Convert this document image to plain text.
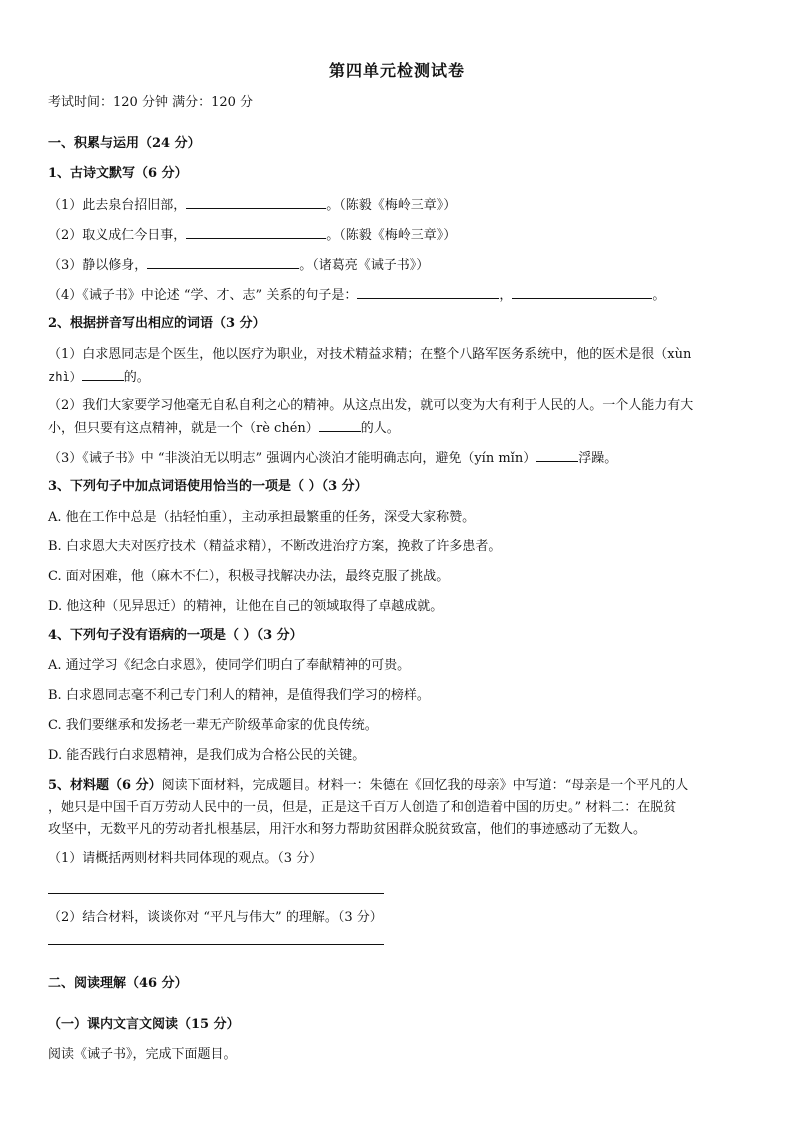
第四单元检测试卷
考试时间：120 分钟 满分：120 分
一、积累与运用（24 分）
1、古诗文默写（6 分）
（1）此去泉台招旧部，	。（陈毅《梅岭三章》）
（2）取义成仁今日事，	。（陈毅《梅岭三章》）
（3）静以修身，	。（诸葛亮《诫子书》）
（4）《诫子书》中论述 “学、才、志” 关系的句子是：	，	。
2、根据拼音写出相应的词语（3 分）
（1）白求恩同志是个医生，他以医疗为职业，对技术精益求精；在整个八路军医务系统中，他的医术是很（xùn
zhì）	的。
（2）我们大家要学习他毫无自私自利之心的精神。从这点出发，就可以变为大有利于人民的人。一个人能力有大
小，但只要有这点精神，就是一个（rè chén）	的人。
（3）《诫子书》中 “非淡泊无以明志” 强调内心淡泊才能明确志向，避免（yín mǐn）	浮躁。
3、下列句子中加点词语使用恰当的一项是（ ）（3 分）
A. 他在工作中总是（拈轻怕重），主动承担最繁重的任务，深受大家称赞。
B. 白求恩大夫对医疗技术（精益求精），不断改进治疗方案，挽救了许多患者。
C. 面对困难，他（麻木不仁），积极寻找解决办法，最终克服了挑战。
D. 他这种（见异思迁）的精神，让他在自己的领域取得了卓越成就。
4、下列句子没有语病的一项是（ ）（3 分）
A. 通过学习《纪念白求恩》，使同学们明白了奉献精神的可贵。
B. 白求恩同志毫不利己专门利人的精神，是值得我们学习的榜样。
C. 我们要继承和发扬老一辈无产阶级革命家的优良传统。
D. 能否践行白求恩精神，是我们成为合格公民的关键。
5、材料题（6 分）阅读下面材料，完成题目。材料一：朱德在《回忆我的母亲》中写道：“母亲是一个平凡的人
，她只是中国千百万劳动人民中的一员，但是，正是这千百万人创造了和创造着中国的历史。” 材料二：在脱贫
攻坚中，无数平凡的劳动者扎根基层，用汗水和努力帮助贫困群众脱贫致富，他们的事迹感动了无数人。
（1）请概括两则材料共同体现的观点。（3 分）
（2）结合材料，谈谈你对 “平凡与伟大” 的理解。（3 分）
二、阅读理解（46 分）
（一）课内文言文阅读（15 分）
阅读《诫子书》，完成下面题目。
